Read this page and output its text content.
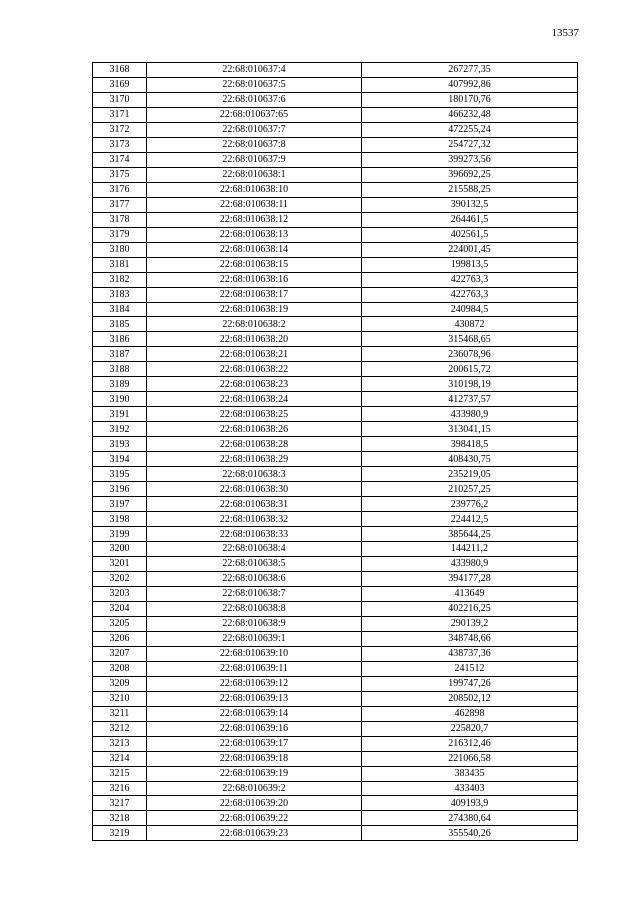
13537
3168	22:68:010637:4	267277,35
3169	22:68:010637:5	407992,86
3170	22:68:010637:6	180170,76
3171	22:68:010637:65	466232,48
3172	22:68:010637:7	472255,24
3173	22:68:010637:8	254727,32
3174	22:68:010637:9	399273,56
3175	22:68:010638:1	396692,25
3176	22:68:010638:10	215588,25
3177	22:68:010638:11	390132,5
3178	22:68:010638:12	264461,5
3179	22:68:010638:13	402561,5
3180	22:68:010638:14	224001,45
3181	22:68:010638:15	199813,5
3182	22:68:010638:16	422763,3
3183	22:68:010638:17	422763,3
3184	22:68:010638:19	240984,5
3185	22:68:010638:2	430872
3186	22:68:010638:20	315468,65
3187	22:68:010638:21	236078,96
3188	22:68:010638:22	200615,72
3189	22:68:010638:23	310198,19
3190	22:68:010638:24	412737,57
3191	22:68:010638:25	433980,9
3192	22:68:010638:26	313041,15
3193	22:68:010638:28	398418,5
3194	22:68:010638:29	408430,75
3195	22:68:010638:3	235219,05
3196	22:68:010638:30	210257,25
3197	22:68:010638:31	239776,2
3198	22:68:010638:32	224412,5
3199	22:68:010638:33	385644,25
3200	22:68:010638:4	144211,2
3201	22:68:010638:5	433980,9
3202	22:68:010638:6	394177,28
3203	22:68:010638:7	413649
3204	22:68:010638:8	402216,25
3205	22:68:010638:9	290139,2
3206	22:68:010639:1	348748,66
3207	22:68:010639:10	438737,36
3208	22:68:010639:11	241512
3209	22:68:010639:12	199747,26
3210	22:68:010639:13	208502,12
3211	22:68:010639:14	462898
3212	22:68:010639:16	225820,7
3213	22:68:010639:17	216312,46
3214	22:68:010639:18	221066,58
3215	22:68:010639:19	383435
3216	22:68:010639:2	433403
3217	22:68:010639:20	409193,9
3218	22:68:010639:22	274380,64
3219	22:68:010639:23	355540,26
